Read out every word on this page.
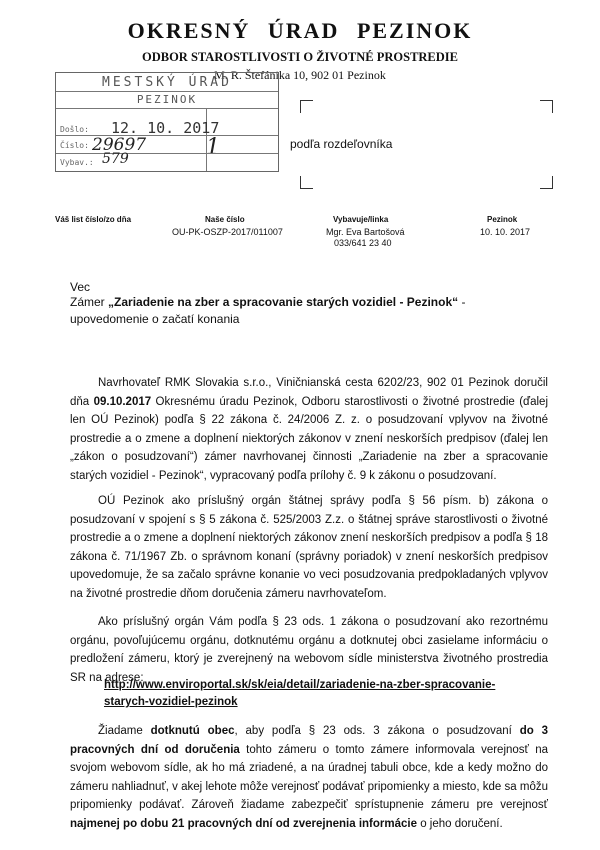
OKRESNÝ ÚRAD PEZINOK
ODBOR STAROSTLIVOSTI O ŽIVOTNÉ PROSTREDIE
M. R. Štefánika 10, 902 01 Pezinok
MESTSKÝ ÚRAD
PEZINOK
Došlo: 12. 10. 2017
Číslo: 29697	1
Vybav.: 579
podľa rozdeľovníka
Váš list číslo/zo dňa	Naše číslo
OU-PK-OSZP-2017/011007
Vybavuje/linka
Mgr. Eva Bartošová
033/641 23 40
Pezinok
10. 10. 2017
Vec
Zámer „Zariadenie na zber a spracovanie starých vozidiel - Pezinok“ - upovedomenie o začatí konania
Navrhovateľ RMK Slovakia s.r.o., Viničnianská cesta 6202/23, 902 01 Pezinok doručil dňa 09.10.2017 Okresnému úradu Pezinok, Odboru starostlivosti o životné prostredie (ďalej len OÚ Pezinok) podľa § 22 zákona č. 24/2006 Z. z. o posudzovaní vplyvov na životné prostredie a o zmene a doplnení niektorých zákonov v znení neskorších predpisov (ďalej len „zákon o posudzovaní“) zámer navrhovanej činnosti „Zariadenie na zber a spracovanie starých vozidiel - Pezinok“, vypracovaný podľa prílohy č. 9 k zákonu o posudzovaní.
OÚ Pezinok ako príslušný orgán štátnej správy podľa § 56 písm. b) zákona o posudzovaní v spojení s § 5 zákona č. 525/2003 Z.z. o štátnej správe starostlivosti o životné prostredie a o zmene a doplnení niektorých zákonov znení neskorších predpisov a podľa § 18 zákona č. 71/1967 Zb. o správnom konaní (správny poriadok) v znení neskorších predpisov upovedomuje, že sa začalo správne konanie vo veci posudzovania predpokladaných vplyvov na životné prostredie dňom doručenia zámeru navrhovateľom.
Ako príslušný orgán Vám podľa § 23 ods. 1 zákona o posudzovaní ako rezortnému orgánu, povoľujúcemu orgánu, dotknutému orgánu a dotknutej obci zasielame informáciu o predložení zámeru, ktorý je zverejnený na webovom sídle ministerstva životného prostredia SR na adrese:
http://www.enviroportal.sk/sk/eia/detail/zariadenie-na-zber-spracovanie-starych-vozidiel-pezinok
Žiadame dotknutú obec, aby podľa § 23 ods. 3 zákona o posudzovaní do 3 pracovných dní od doručenia tohto zámeru o tomto zámere informovala verejnosť na svojom webovom sídle, ak ho má zriadené, a na úradnej tabuli obce, kde a kedy možno do zámeru nahliadnuť, v akej lehote môže verejnosť podávať pripomienky a miesto, kde sa môžu pripomienky podávať. Zároveň žiadame zabezpečiť sprístupnenie zámeru pre verejnosť najmenej po dobu 21 pracovných dní od zverejnenia informácie o jeho doručení.
